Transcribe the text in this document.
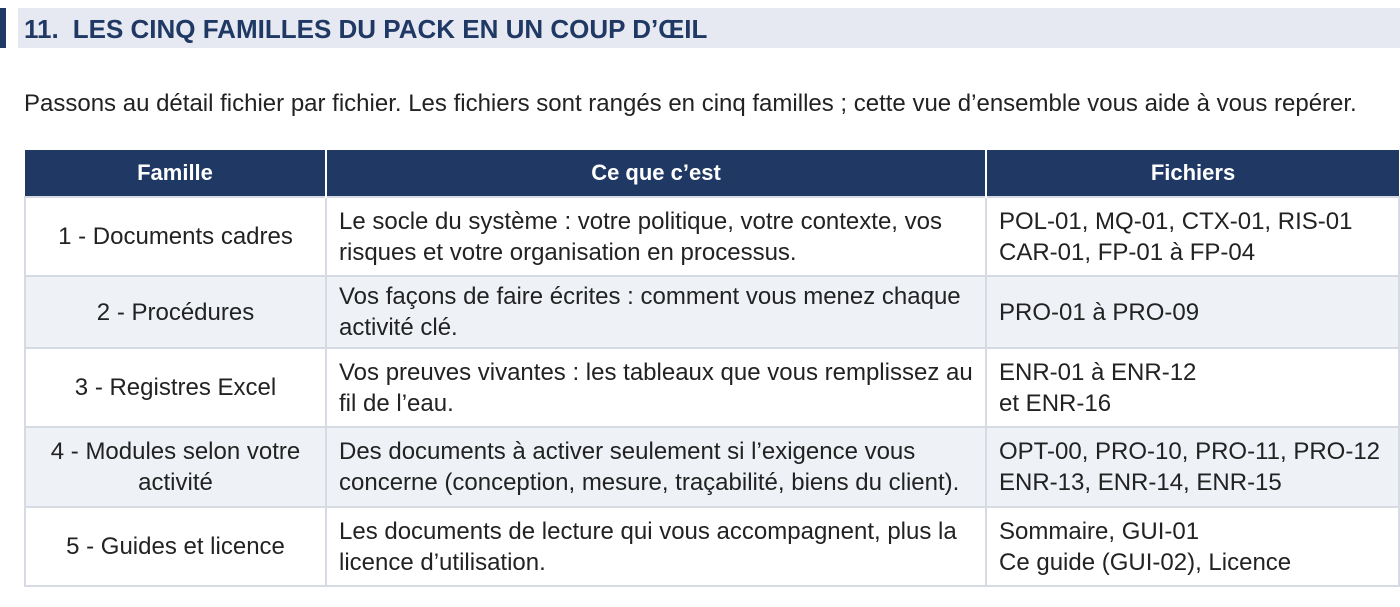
11. LES CINQ FAMILLES DU PACK EN UN COUP D’ŒIL

Passons au détail fichier par fichier. Les fichiers sont rangés en cinq familles ; cette vue d’ensemble vous aide à vous repérer.

Famille	Ce que c’est	Fichiers
1 - Documents cadres	Le socle du système : votre politique, votre contexte, vos risques et votre organisation en processus.	POL-01, MQ-01, CTX-01, RIS-01
CAR-01, FP-01 à FP-04

2 - Procédures	Vos façons de faire écrites : comment vous menez chaque activité clé.	PRO-01 à PRO-09

3 - Registres Excel	Vos preuves vivantes : les tableaux que vous remplissez au fil de l’eau.	ENR-01 à ENR-12
et ENR-16

4 - Modules selon votre activité	Des documents à activer seulement si l’exigence vous concerne (conception, mesure, traçabilité, biens du client).	OPT-00, PRO-10, PRO-11, PRO-12
ENR-13, ENR-14, ENR-15

5 - Guides et licence	Les documents de lecture qui vous accompagnent, plus la licence d’utilisation.	Sommaire, GUI-01
Ce guide (GUI-02), Licence
